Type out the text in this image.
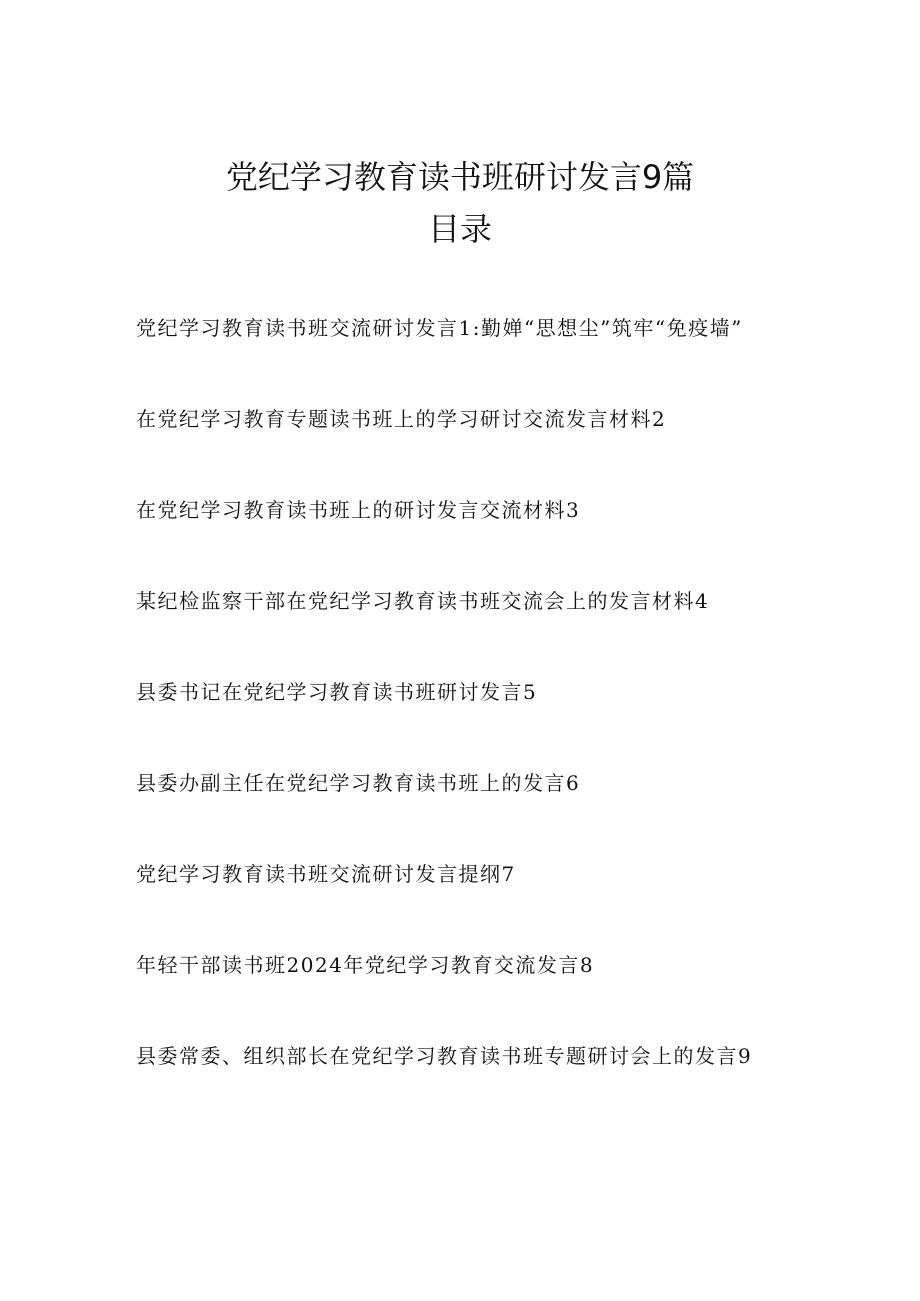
党纪学习教育读书班研讨发言9篇
目录
党纪学习教育读书班交流研讨发言1:勤婵“思想尘”筑牢“免疫墙”
在党纪学习教育专题读书班上的学习研讨交流发言材料2
在党纪学习教育读书班上的研讨发言交流材料3
某纪检监察干部在党纪学习教育读书班交流会上的发言材料4
县委书记在党纪学习教育读书班研讨发言5
县委办副主任在党纪学习教育读书班上的发言6
党纪学习教育读书班交流研讨发言提纲7
年轻干部读书班2024年党纪学习教育交流发言8
县委常委、组织部长在党纪学习教育读书班专题研讨会上的发言9
